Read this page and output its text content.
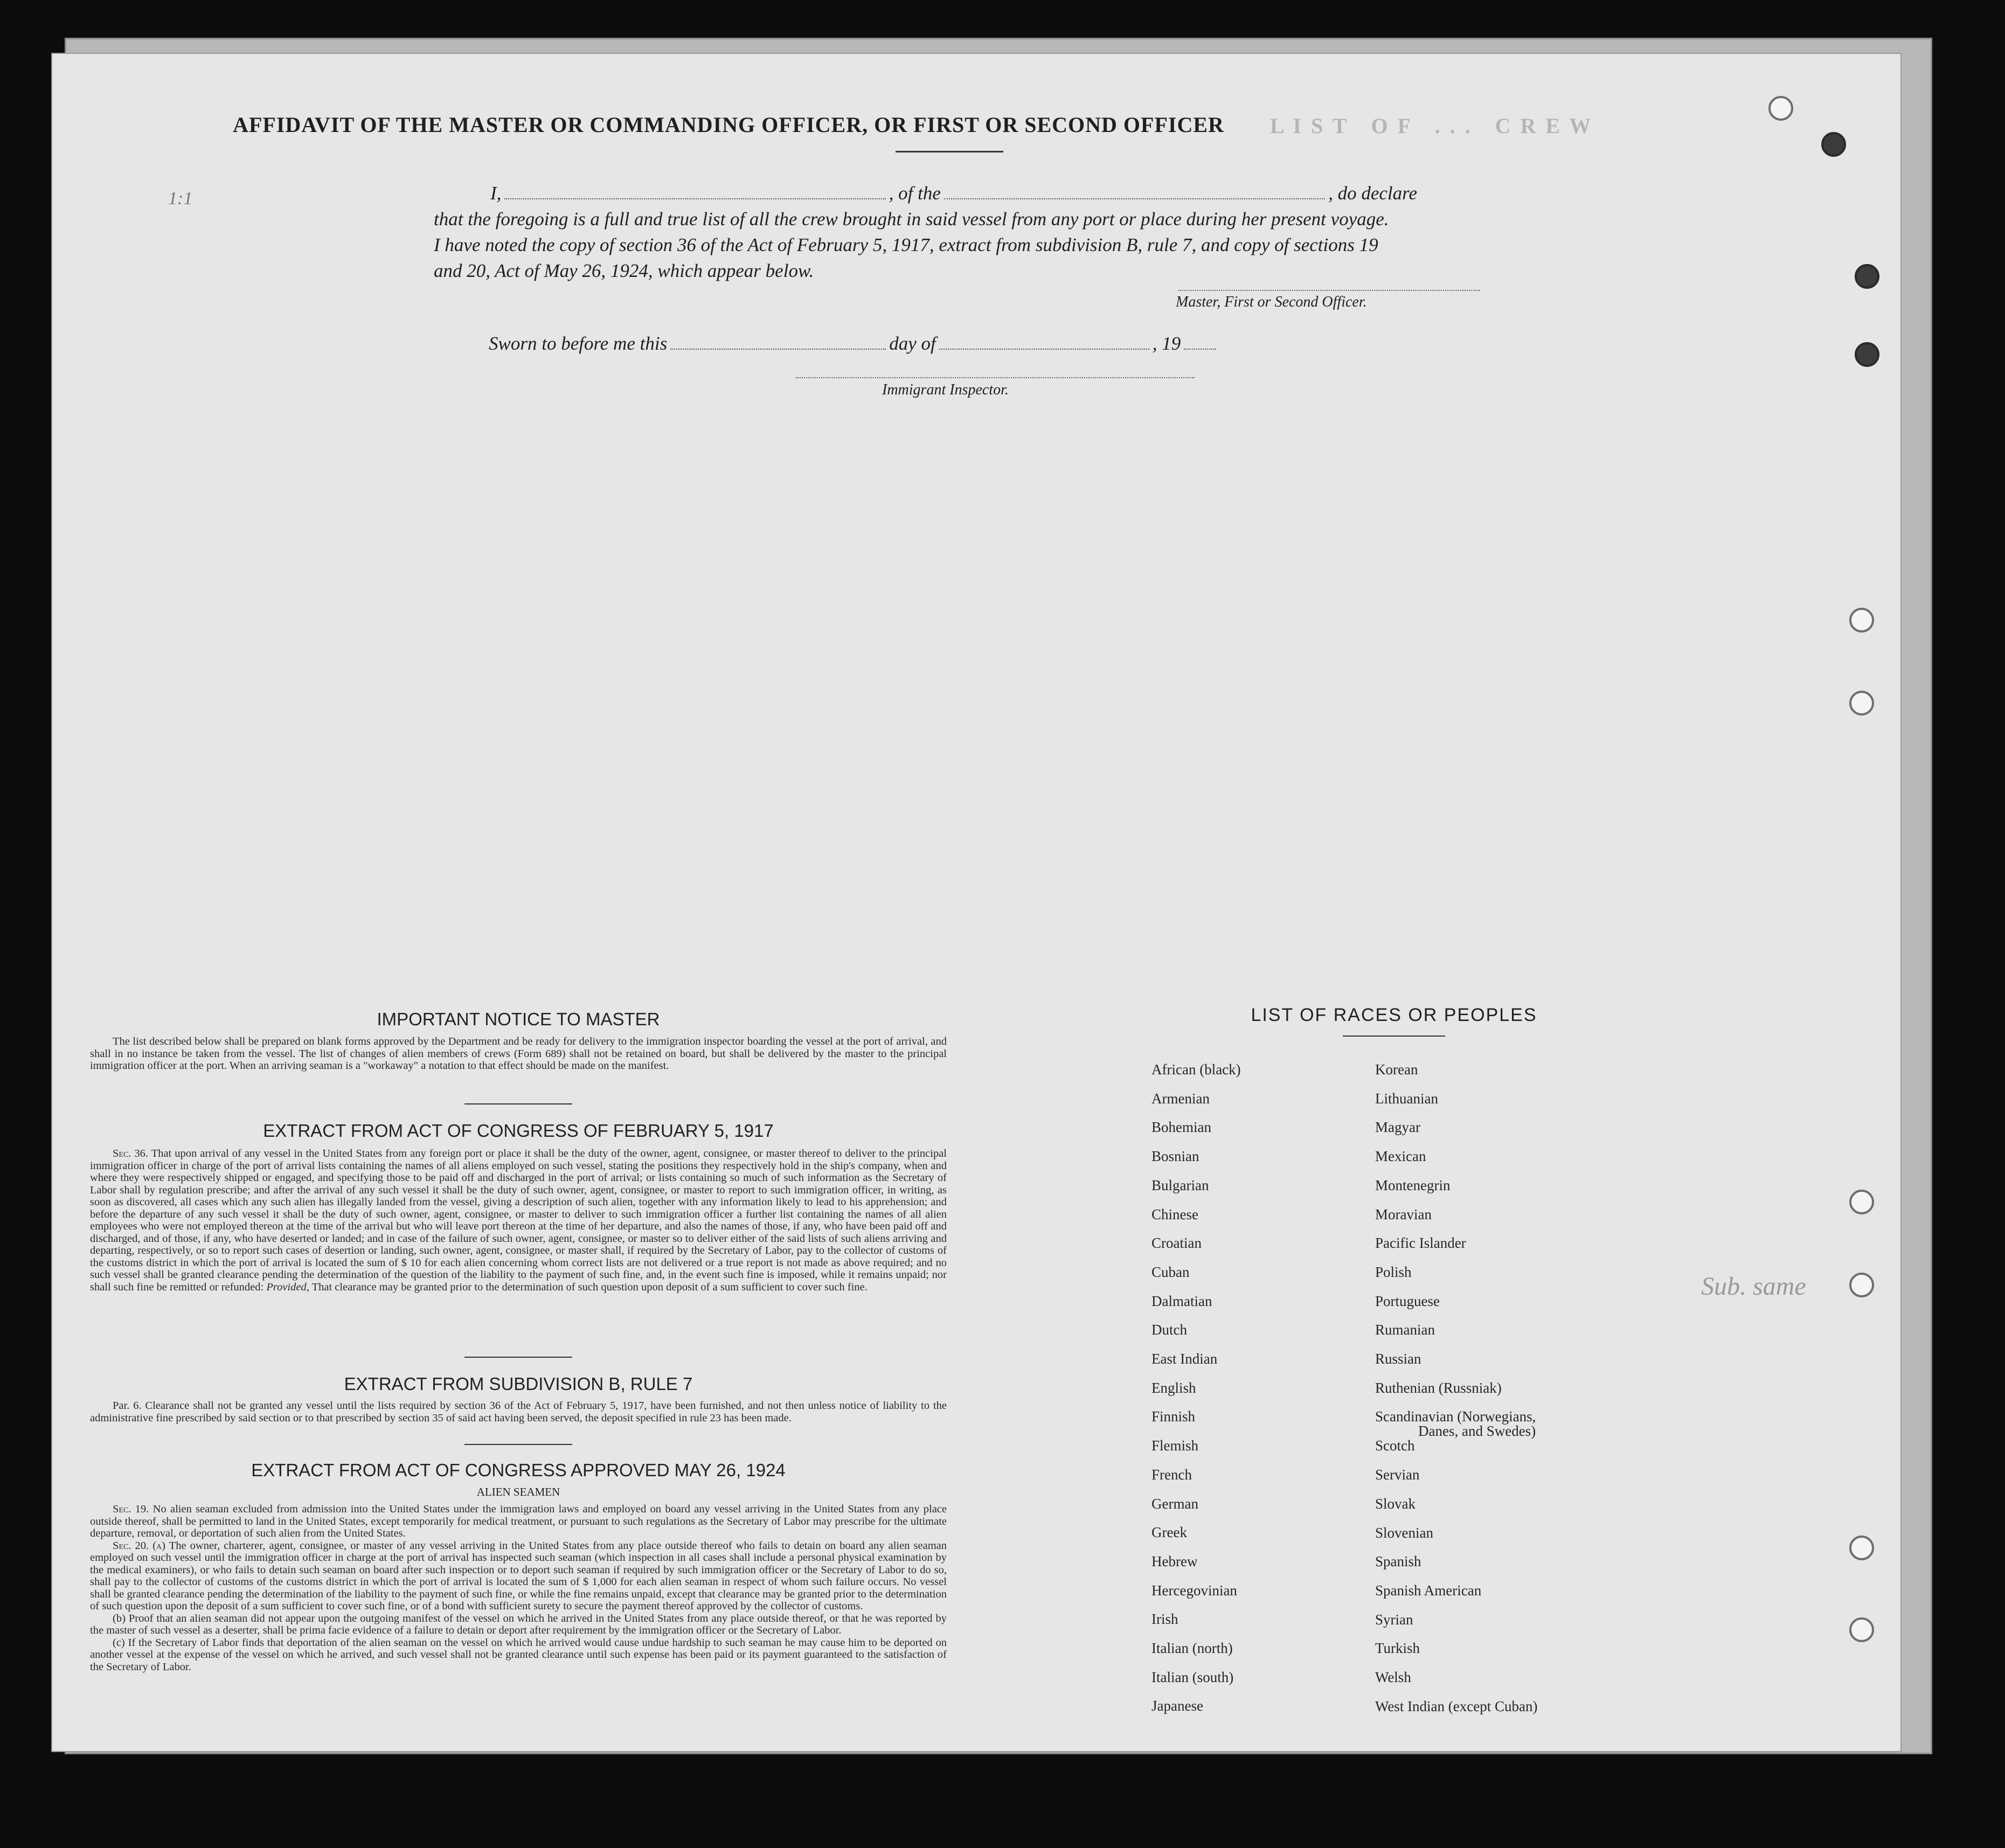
L I S T   O F   . . .   C R E W
AFFIDAVIT OF THE MASTER OR COMMANDING OFFICER, OR FIRST OR SECOND OFFICER
I,	, of the	, do declare
that the foregoing is a full and true list of all the crew brought in said vessel from any port or place during her present voyage.
I have noted the copy of section 36 of the Act of February 5, 1917, extract from subdivision B, rule 7, and copy of sections 19
and 20, Act of May 26, 1924, which appear below.
Master, First or Second Officer.
Sworn to before me this	day of	, 19
Immigrant Inspector.
IMPORTANT NOTICE TO MASTER

The list described below shall be prepared on blank forms approved by the Department and be ready for delivery to the immigration inspector boarding the vessel at the port of arrival, and shall in no instance be taken from the vessel. The list of changes of alien members of crews (Form 689) shall not be retained on board, but shall be delivered by the master to the principal immigration officer at the port. When an arriving seaman is a "workaway" a notation to that effect should be made on the manifest.

EXTRACT FROM ACT OF CONGRESS OF FEBRUARY 5, 1917

Sec. 36. That upon arrival of any vessel in the United States from any foreign port or place it shall be the duty of the owner, agent, consignee, or master thereof to deliver to the principal immigration officer in charge of the port of arrival lists containing the names of all aliens employed on such vessel, stating the positions they respectively hold in the ship's company, when and where they were respectively shipped or engaged, and specifying those to be paid off and discharged in the port of arrival; or lists containing so much of such information as the Secretary of Labor shall by regulation prescribe; and after the arrival of any such vessel it shall be the duty of such owner, agent, consignee, or master to report to such immigration officer, in writing, as soon as discovered, all cases which any such alien has illegally landed from the vessel, giving a description of such alien, together with any information likely to lead to his apprehension; and before the departure of any such vessel it shall be the duty of such owner, agent, consignee, or master to deliver to such immigration officer a further list containing the names of all alien employees who were not employed thereon at the time of the arrival but who will leave port thereon at the time of her departure, and also the names of those, if any, who have been paid off and discharged, and of those, if any, who have deserted or landed; and in case of the failure of such owner, agent, consignee, or master so to deliver either of the said lists of such aliens arriving and departing, respectively, or so to report such cases of desertion or landing, such owner, agent, consignee, or master shall, if required by the Secretary of Labor, pay to the collector of customs of the customs district in which the port of arrival is located the sum of $ 10 for each alien concerning whom correct lists are not delivered or a true report is not made as above required; and no such vessel shall be granted clearance pending the determination of the question of the liability to the payment of such fine, and, in the event such fine is imposed, while it remains unpaid; nor shall such fine be remitted or refunded: Provided, That clearance may be granted prior to the determination of such question upon deposit of a sum sufficient to cover such fine.

EXTRACT FROM SUBDIVISION B, RULE 7

Par. 6. Clearance shall not be granted any vessel until the lists required by section 36 of the Act of February 5, 1917, have been furnished, and not then unless notice of liability to the administrative fine prescribed by said section or to that prescribed by section 35 of said act having been served, the deposit specified in rule 23 has been made.

EXTRACT FROM ACT OF CONGRESS APPROVED MAY 26, 1924
ALIEN SEAMEN

Sec. 19. No alien seaman excluded from admission into the United States under the immigration laws and employed on board any vessel arriving in the United States from any place outside thereof, shall be permitted to land in the United States, except temporarily for medical treatment, or pursuant to such regulations as the Secretary of Labor may prescribe for the ultimate departure, removal, or deportation of such alien from the United States.

Sec. 20. (a) The owner, charterer, agent, consignee, or master of any vessel arriving in the United States from any place outside thereof who fails to detain on board any alien seaman employed on such vessel until the immigration officer in charge at the port of arrival has inspected such seaman (which inspection in all cases shall include a personal physical examination by the medical examiners), or who fails to detain such seaman on board after such inspection or to deport such seaman if required by such immigration officer or the Secretary of Labor to do so, shall pay to the collector of customs of the customs district in which the port of arrival is located the sum of $ 1,000 for each alien seaman in respect of whom such failure occurs. No vessel shall be granted clearance pending the determination of the liability to the payment of such fine, or while the fine remains unpaid, except that clearance may be granted prior to the determination of such question upon the deposit of a sum sufficient to cover such fine, or of a bond with sufficient surety to secure the payment thereof approved by the collector of customs.

(b) Proof that an alien seaman did not appear upon the outgoing manifest of the vessel on which he arrived in the United States from any place outside thereof, or that he was reported by the master of such vessel as a deserter, shall be prima facie evidence of a failure to detain or deport after requirement by the immigration officer or the Secretary of Labor.

(c) If the Secretary of Labor finds that deportation of the alien seaman on the vessel on which he arrived would cause undue hardship to such seaman he may cause him to be deported on another vessel at the expense of the vessel on which he arrived, and such vessel shall not be granted clearance until such expense has been paid or its payment guaranteed to the satisfaction of the Secretary of Labor.

LIST OF RACES OR PEOPLES
Sub. same
1:1
African (black)
Armenian
Bohemian
Bosnian
Bulgarian
Chinese
Croatian
Cuban
Dalmatian
Dutch
East Indian
English
Finnish
Flemish
French
German
Greek
Hebrew
Hercegovinian
Irish
Italian (north)
Italian (south)
Japanese
Korean
Lithuanian
Magyar
Mexican
Montenegrin
Moravian
Pacific Islander
Polish
Portuguese
Rumanian
Russian
Ruthenian (Russniak)
Scandinavian (Norwegians,
Danes, and Swedes)
Scotch
Servian
Slovak
Slovenian
Spanish
Spanish American
Syrian
Turkish
Welsh
West Indian (except Cuban)
